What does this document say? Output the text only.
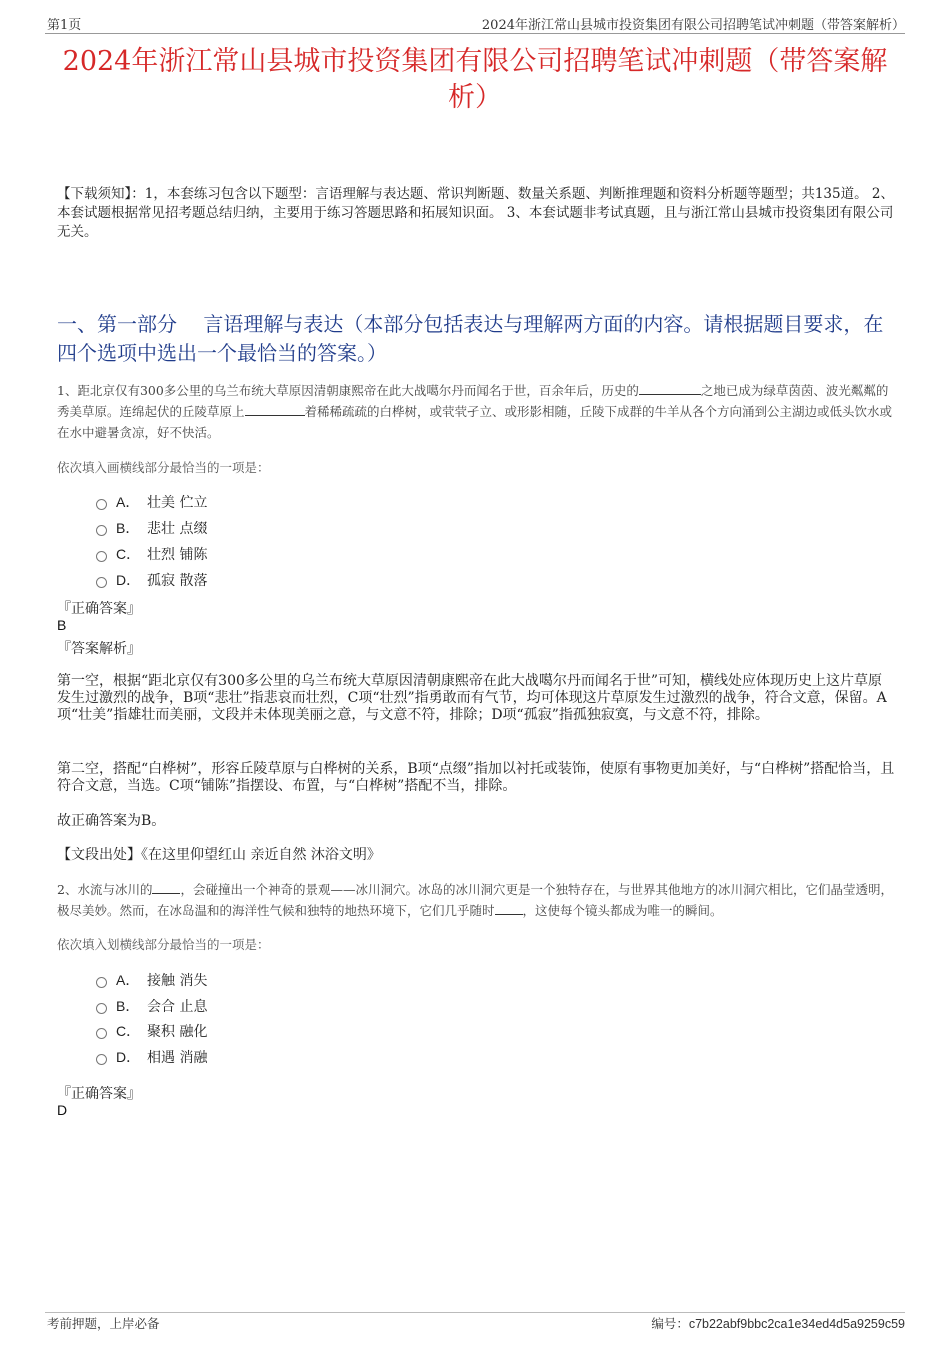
第1页	2024年浙江常山县城市投资集团有限公司招聘笔试冲刺题（带答案解析）
2024年浙江常山县城市投资集团有限公司招聘笔试冲刺题（带答案解析）
【下载须知】：1，本套练习包含以下题型：言语理解与表达题、常识判断题、数量关系题、判断推理题和资料分析题等题型；共135道。 2、本套试题根据常见招考题总结归纳，主要用于练习答题思路和拓展知识面。 3、本套试题非考试真题，且与浙江常山县城市投资集团有限公司无关。
一、第一部分　 言语理解与表达（本部分包括表达与理解两方面的内容。请根据题目要求，在四个选项中选出一个最恰当的答案。）
1、距北京仅有300多公里的乌兰布统大草原因清朝康熙帝在此大战噶尔丹而闻名于世，百余年后，历史的	之地已成为绿草茵茵、波光粼粼的秀美草原。连绵起伏的丘陵草原上	着稀稀疏疏的白桦树，或茕茕孑立、或形影相随，丘陵下成群的牛羊从各个方向涌到公主湖边或低头饮水或在水中避暑贪凉，好不快活。
依次填入画横线部分最恰当的一项是：
A． 壮美 伫立
B． 悲壮 点缀
C． 壮烈 铺陈
D． 孤寂 散落
『正确答案』
B
『答案解析』
第一空，根据“距北京仅有300多公里的乌兰布统大草原因清朝康熙帝在此大战噶尔丹而闻名于世”可知，横线处应体现历史上这片草原发生过激烈的战争，B项“悲壮”指悲哀而壮烈，C项“壮烈”指勇敢而有气节，均可体现这片草原发生过激烈的战争，符合文意，保留。A项“壮美”指雄壮而美丽，文段并未体现美丽之意，与文意不符，排除；D项“孤寂”指孤独寂寞，与文意不符，排除。
第二空，搭配“白桦树”，形容丘陵草原与白桦树的关系，B项“点缀”指加以衬托或装饰，使原有事物更加美好，与“白桦树”搭配恰当，且符合文意，当选。C项“铺陈”指摆设、布置，与“白桦树”搭配不当，排除。
故正确答案为B。
【文段出处】《在这里仰望红山 亲近自然 沐浴文明》
2、水流与冰川的 ，会碰撞出一个神奇的景观——冰川洞穴。冰岛的冰川洞穴更是一个独特存在，与世界其他地方的冰川洞穴相比，它们晶莹透明，极尽美妙。然而，在冰岛温和的海洋性气候和独特的地热环境下，它们几乎随时 ，这使每个镜头都成为唯一的瞬间。
依次填入划横线部分最恰当的一项是：
A． 接触 消失
B． 会合 止息
C． 聚积 融化
D． 相遇 消融
『正确答案』
D
考前押题，上岸必备	编号：c7b22abf9bbc2ca1e34ed4d5a9259c59
